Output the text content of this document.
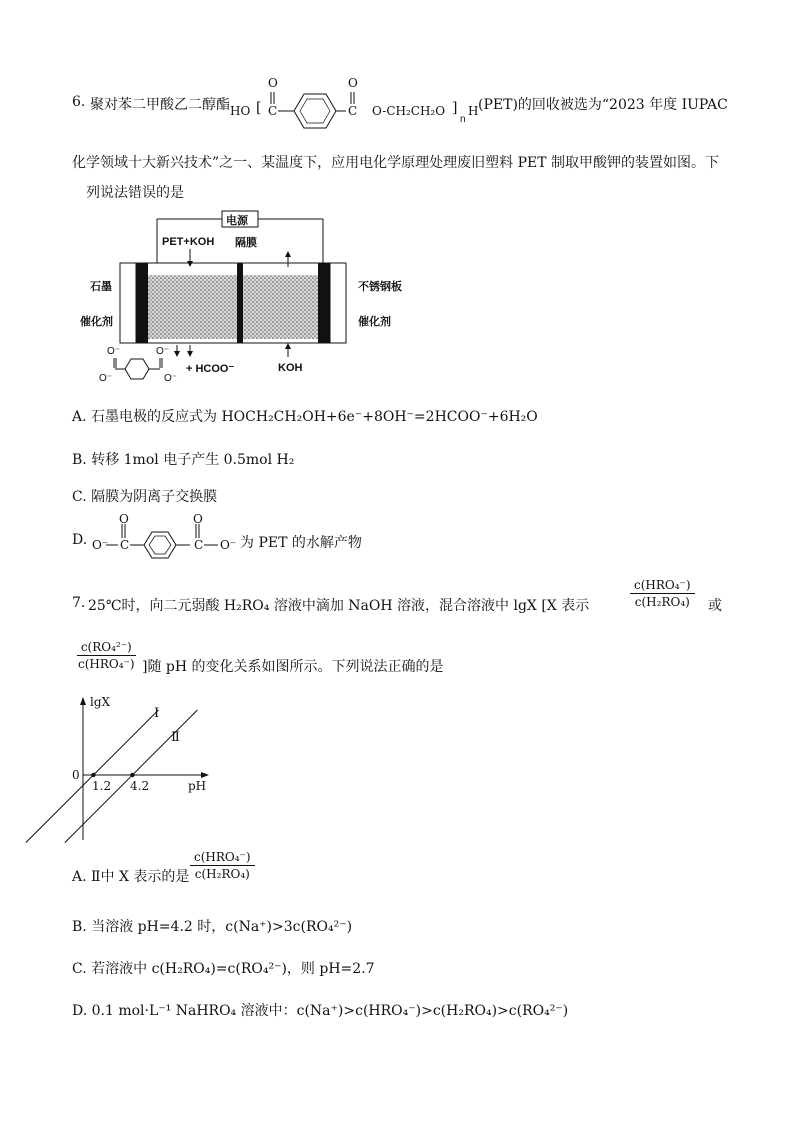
6. 聚对苯二甲酸乙二醇酯 HO [
O
C
O
C O-CH₂CH₂O ]
n
H (PET)的回收被选为“2023 年度 IUPAC
化学领域十大新兴技术”之一、某温度下，应用电化学原理处理废旧塑料 PET 制取甲酸钾的装置如图。下
列说法错误的是
电源
PET+KOH 隔膜
石墨
催化剂
不锈钢板
催化剂
+ HCOO⁻	KOH
O⁻	O⁻
O⁻	O⁻
A. 石墨电极的反应式为 HOCH₂CH₂OH+6e⁻+8OH⁻=2HCOO⁻+6H₂O
B. 转移 1mol 电子产生 0.5mol H₂
C. 隔膜为阴离子交换膜
D. O⁻
O
C
O
C O⁻ 为 PET 的水解产物
7. 25℃时，向二元弱酸 H₂RO₄ 溶液中滴加 NaOH 溶液，混合溶液中 lgX [X 表示	$\frac{\text{c(HRO₄⁻)}}{\text{c(H₂RO₄)}}$ 或
$\frac{\text{c(RO₄²⁻)}}{\text{c(HRO₄⁻)}}$ ]随 pH 的变化关系如图所示。下列说法正确的是
lgX
pH
0
1.2 4.2
Ⅰ
Ⅱ
A. Ⅱ中 X 表示的是 $\frac{\text{c(HRO₄⁻)}}{\text{c(H₂RO₄)}}$
B. 当溶液 pH=4.2 时，c(Na⁺)>3c(RO₄²⁻)
C. 若溶液中 c(H₂RO₄)=c(RO₄²⁻)，则 pH=2.7
D. 0.1 mol·L⁻¹ NaHRO₄ 溶液中：c(Na⁺)>c(HRO₄⁻)>c(H₂RO₄)>c(RO₄²⁻)
